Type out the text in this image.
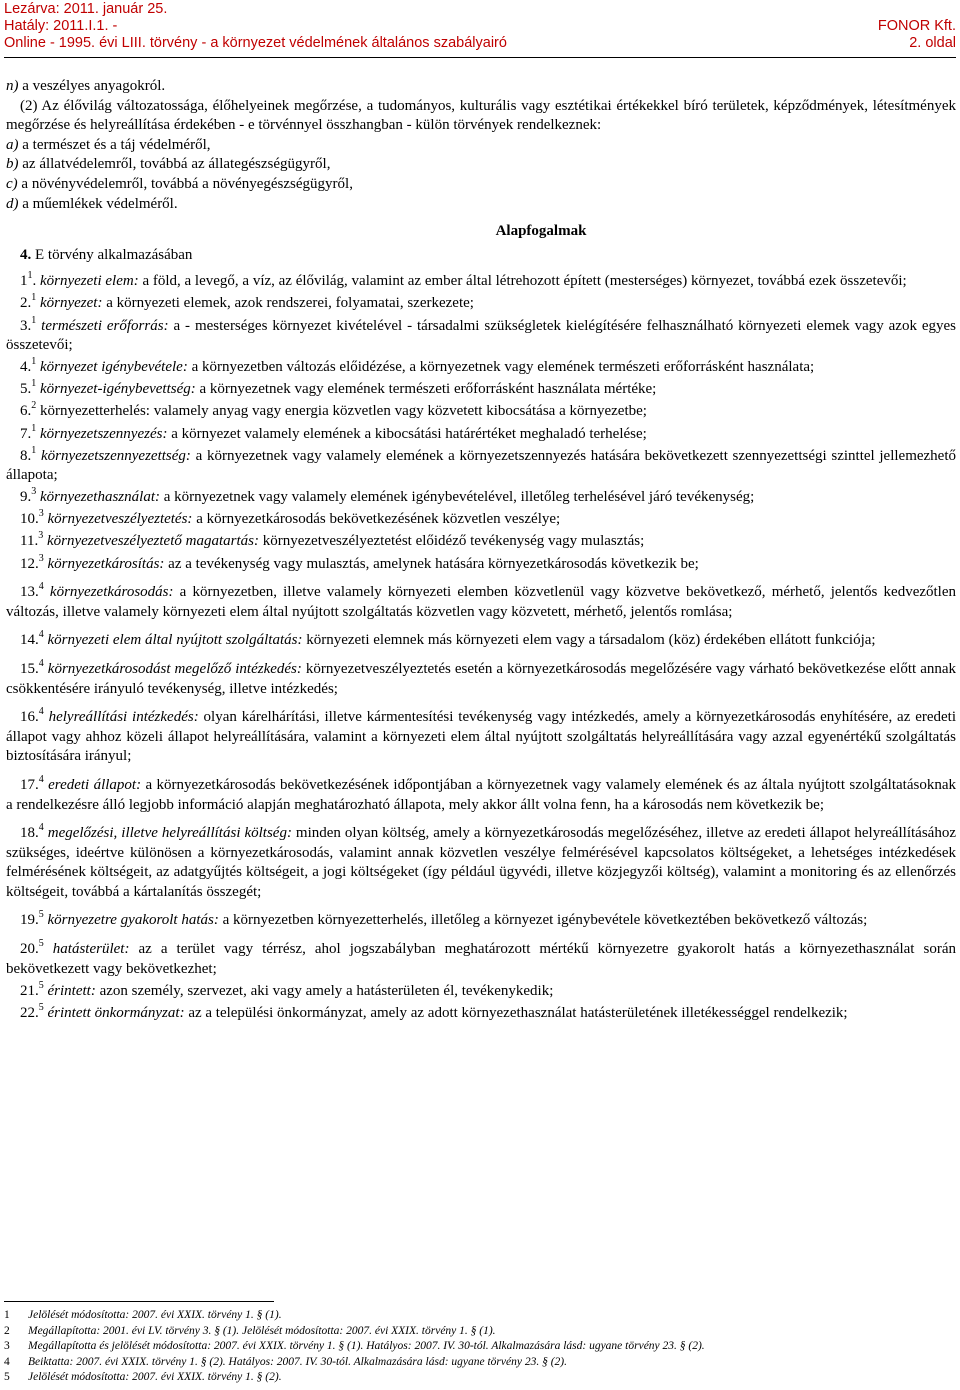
Lezárva: 2011. január 25.
Hatály: 2011.I.1. -
Online - 1995. évi LIII. törvény - a környezet védelmének általános szabályairó
FONOR Kft.
2. oldal

n) a veszélyes anyagokról.

(2) Az élővilág változatossága, élőhelyeinek megőrzése, a tudományos, kulturális vagy esztétikai értékekkel bíró területek, képződmények, létesítmények megőrzése és helyreállítása érdekében - e törvénnyel összhangban - külön törvények rendelkeznek:

a) a természet és a táj védelméről,

b) az állatvédelemről, továbbá az állategészségügyről,

c) a növényvédelemről, továbbá a növényegészségügyről,

d) a műemlékek védelméről.

Alapfogalmak

4. E törvény alkalmazásában

$1^1$. környezeti elem: a föld, a levegő, a víz, az élővilág, valamint az ember által létrehozott épített (mesterséges) környezet, továbbá ezek összetevői;

2.$^1$ környezet: a környezeti elemek, azok rendszerei, folyamatai, szerkezete;

3.$^1$ természeti erőforrás: a - mesterséges környezet kivételével - társadalmi szükségletek kielégítésére felhasználható környezeti elemek vagy azok egyes összetevői;

4.$^1$ környezet igénybevétele: a környezetben változás előidézése, a környezetnek vagy elemének természeti erőforrásként használata;

5.$^1$ környezet-igénybevettség: a környezetnek vagy elemének természeti erőforrásként használata mértéke;

6.$^2$ környezetterhelés: valamely anyag vagy energia közvetlen vagy közvetett kibocsátása a környezetbe;

7.$^1$ környezetszennyezés: a környezet valamely elemének a kibocsátási határértéket meghaladó terhelése;

8.$^1$ környezetszennyezettség: a környezetnek vagy valamely elemének a környezetszennyezés hatására bekövetkezett szennyezettségi szinttel jellemezhető állapota;

9.$^3$ környezethasználat: a környezetnek vagy valamely elemének igénybevételével, illetőleg terhelésével járó tevékenység;

10.$^3$ környezetveszélyeztetés: a környezetkárosodás bekövetkezésének közvetlen veszélye;

11.$^3$ környezetveszélyeztető magatartás: környezetveszélyeztetést előidéző tevékenység vagy mulasztás;

12.$^3$ környezetkárosítás: az a tevékenység vagy mulasztás, amelynek hatására környezetkárosodás következik be;

13.$^4$ környezetkárosodás: a környezetben, illetve valamely környezeti elemben közvetlenül vagy közvetve bekövetkező, mérhető, jelentős kedvezőtlen változás, illetve valamely környezeti elem által nyújtott szolgáltatás közvetlen vagy közvetett, mérhető, jelentős romlása;

14.$^4$ környezeti elem által nyújtott szolgáltatás: környezeti elemnek más környezeti elem vagy a társadalom (köz) érdekében ellátott funkciója;

15.$^4$ környezetkárosodást megelőző intézkedés: környezetveszélyeztetés esetén a környezetkárosodás megelőzésére vagy várható bekövetkezése előtt annak csökkentésére irányuló tevékenység, illetve intézkedés;

16.$^4$ helyreállítási intézkedés: olyan kárelhárítási, illetve kármentesítési tevékenység vagy intézkedés, amely a környezetkárosodás enyhítésére, az eredeti állapot vagy ahhoz közeli állapot helyreállítására, valamint a környezeti elem által nyújtott szolgáltatás helyreállítására vagy azzal egyenértékű szolgáltatás biztosítására irányul;

17.$^4$ eredeti állapot: a környezetkárosodás bekövetkezésének időpontjában a környezetnek vagy valamely elemének és az általa nyújtott szolgáltatásoknak a rendelkezésre álló legjobb információ alapján meghatározható állapota, mely akkor állt volna fenn, ha a károsodás nem következik be;

18.$^4$ megelőzési, illetve helyreállítási költség: minden olyan költség, amely a környezetkárosodás megelőzéséhez, illetve az eredeti állapot helyreállításához szükséges, ideértve különösen a környezetkárosodás, valamint annak közvetlen veszélye felmérésével kapcsolatos költségeket, a lehetséges intézkedések felmérésének költségeit, az adatgyűjtés költségeit, a jogi költségeket (így például ügyvédi, illetve közjegyzői költség), valamint a monitoring és az ellenőrzés költségeit, továbbá a kártalanítás összegét;

19.$^5$ környezetre gyakorolt hatás: a környezetben környezetterhelés, illetőleg a környezet igénybevétele következtében bekövetkező változás;

20.$^5$ hatásterület: az a terület vagy térrész, ahol jogszabályban meghatározott mértékű környezetre gyakorolt hatás a környezethasználat során bekövetkezett vagy bekövetkezhet;

21.$^5$ érintett: azon személy, szervezet, aki vagy amely a hatásterületen él, tevékenykedik;

22.$^5$ érintett önkormányzat: az a települési önkormányzat, amely az adott környezethasználat hatásterületének illetékességgel rendelkezik;

1 Jelölését módosította: 2007. évi XXIX. törvény 1. § (1).
2 Megállapította: 2001. évi LV. törvény 3. § (1). Jelölését módosította: 2007. évi XXIX. törvény 1. § (1).
3 Megállapította és jelölését módosította: 2007. évi XXIX. törvény 1. § (1). Hatályos: 2007. IV. 30-tól. Alkalmazására lásd: ugyane törvény 23. § (2).
4 Beiktatta: 2007. évi XXIX. törvény 1. § (2). Hatályos: 2007. IV. 30-tól. Alkalmazására lásd: ugyane törvény 23. § (2).
5 Jelölését módosította: 2007. évi XXIX. törvény 1. § (2).
